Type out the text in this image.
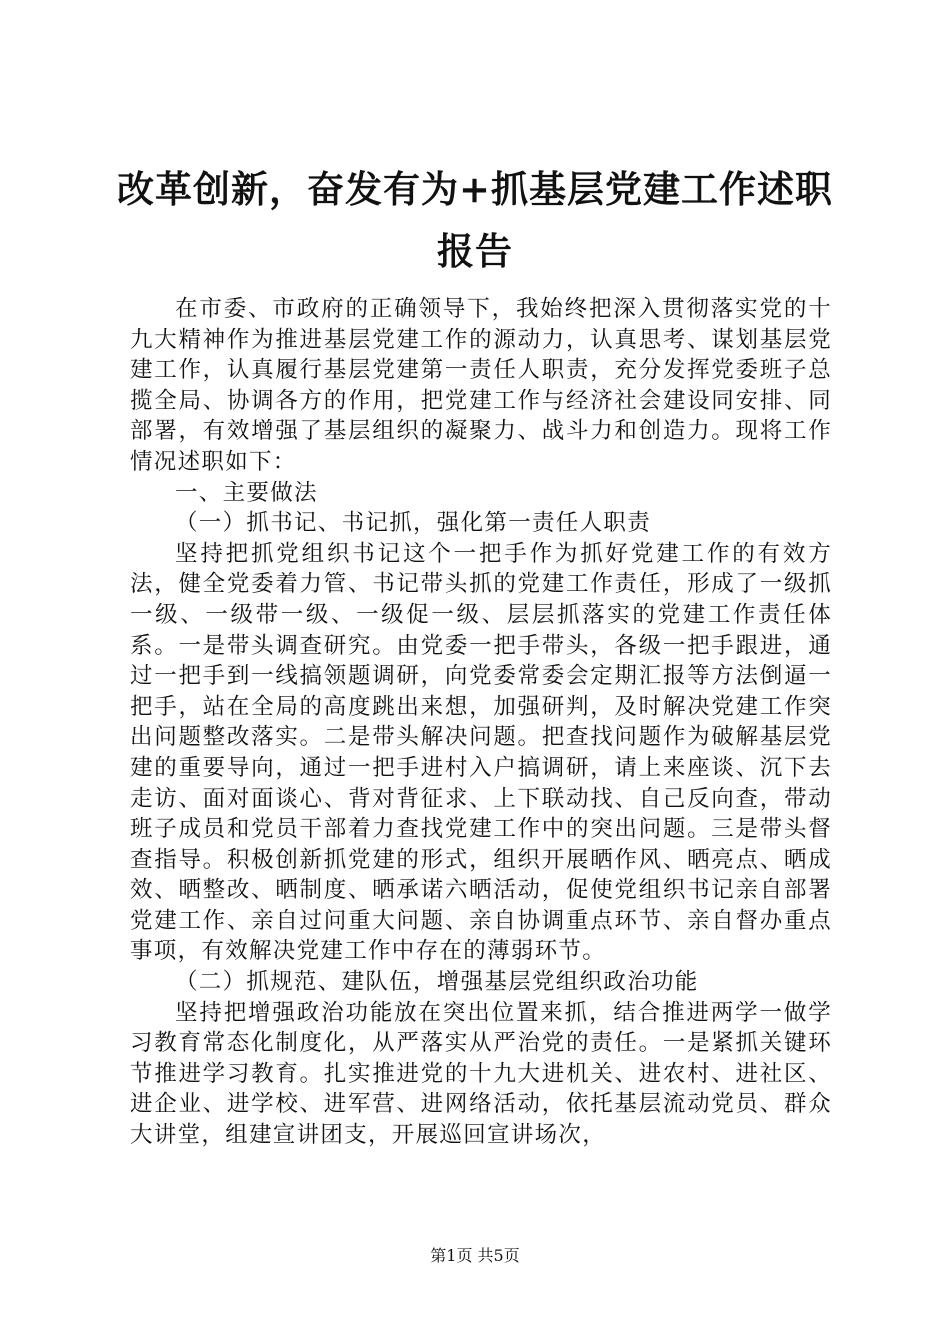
改革创新，奋发有为+抓基层党建工作述职报告

在市委、市政府的正确领导下，我始终把深入贯彻落实党的十九大精神作为推进基层党建工作的源动力，认真思考、谋划基层党建工作，认真履行基层党建第一责任人职责，充分发挥党委班子总揽全局、协调各方的作用，把党建工作与经济社会建设同安排、同部署，有效增强了基层组织的凝聚力、战斗力和创造力。现将工作情况述职如下：

一、主要做法

（一）抓书记、书记抓，强化第一责任人职责

坚持把抓党组织书记这个一把手作为抓好党建工作的有效方法，健全党委着力管、书记带头抓的党建工作责任，形成了一级抓一级、一级带一级、一级促一级、层层抓落实的党建工作责任体系。一是带头调查研究。由党委一把手带头，各级一把手跟进，通过一把手到一线搞领题调研，向党委常委会定期汇报等方法倒逼一把手，站在全局的高度跳出来想，加强研判，及时解决党建工作突出问题整改落实。二是带头解决问题。把查找问题作为破解基层党建的重要导向，通过一把手进村入户搞调研，请上来座谈、沉下去走访、面对面谈心、背对背征求、上下联动找、自己反向查，带动班子成员和党员干部着力查找党建工作中的突出问题。三是带头督查指导。积极创新抓党建的形式，组织开展晒作风、晒亮点、晒成效、晒整改、晒制度、晒承诺六晒活动，促使党组织书记亲自部署党建工作、亲自过问重大问题、亲自协调重点环节、亲自督办重点事项，有效解决党建工作中存在的薄弱环节。

（二）抓规范、建队伍，增强基层党组织政治功能

坚持把增强政治功能放在突出位置来抓，结合推进两学一做学习教育常态化制度化，从严落实从严治党的责任。一是紧抓关键环节推进学习教育。扎实推进党的十九大进机关、进农村、进社区、进企业、进学校、进军营、进网络活动，依托基层流动党员、群众大讲堂，组建宣讲团支，开展巡回宣讲场次，

第1页 共5页
